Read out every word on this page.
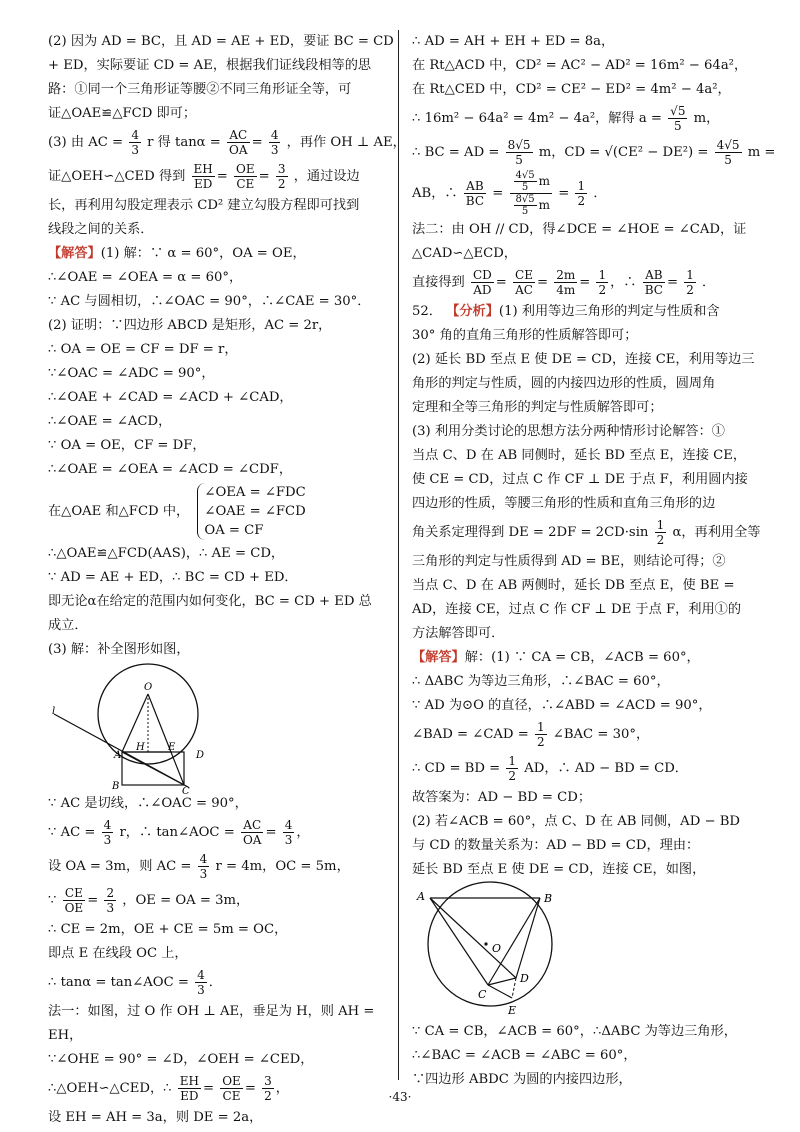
(2) 因为 AD = BC，且 AD = AE + ED，要证 BC = CD
+ ED，实际要证 CD = AE，根据我们证线段相等的思
路：①同一个三角形证等腰②不同三角形证全等，可
证△OAE≌△FCD 即可；
(3) 由 AC = $\frac{4}{3}$ r 得 $\tan\alpha = \frac{AC}{OA} = \frac{4}{3}$ ，再作 OH ⊥ AE，
证△OEH∽△CED 得到 $\frac{EH}{ED} = \frac{OE}{CE} = \frac{3}{2}$ ，通过设边
长，再利用勾股定理表示 CD² 建立勾股方程即可找到
线段之间的关系．
【解答】(1) 解：∵ α = 60°，OA = OE，
∴∠OAE = ∠OEA = α = 60°，
∵ AC 与圆相切，∴∠OAC = 90°，∴∠CAE = 30°．
(2) 证明：∵四边形 ABCD 是矩形，AC = 2r，
∴ OA = OE = CF = DF = r，
∵∠OAC = ∠ADC = 90°，
∴∠OAE + ∠CAD = ∠ACD + ∠CAD，
∴∠OAE = ∠ACD，
∵ OA = OE，CF = DF，
∴∠OAE = ∠OEA = ∠ACD = ∠CDF，
在△OAE 和△FCD 中，
∠OEA = ∠FDC
∠OAE = ∠FCD
OA = CF
∴△OAE≌△FCD(AAS)，∴ AE = CD，
∵ AD = AE + ED，∴ BC = CD + ED．
即无论α在给定的范围内如何变化，BC = CD + ED 总
成立．
(3) 解：补全图形如图，
O
l
H E
A	D
B	C
∵ AC 是切线，∴∠OAC = 90°，
∵ AC = $\frac{4}{3}$ r，∴ tan∠AOC = $\frac{AC}{OA} = \frac{4}{3}$ ，
设 OA = 3m，则 AC = $\frac{4}{3}$ r = 4m，OC = 5m，
∵ $\frac{CE}{OE} = \frac{2}{3}$ ，OE = OA = 3m，
∴ CE = 2m，OE + CE = 5m = OC，
即点 E 在线段 OC 上，
∴ tanα = tan∠AOC = $\frac{4}{3}$ ．
法一：如图，过 O 作 OH ⊥ AE，垂足为 H，则 AH =
EH，
∵∠OHE = 90° = ∠D，∠OEH = ∠CED，
∴△OEH∽△CED，∴ $\frac{EH}{ED} = \frac{OE}{CE} = \frac{3}{2}$ ，
设 EH = AH = 3a，则 DE = 2a，
∴ AD = AH + EH + ED = 8a，
在 Rt△ACD 中，CD² = AC² − AD² = 16m² − 64a²，
在 Rt△CED 中，CD² = CE² − ED² = 4m² − 4a²，
∴ 16m² − 64a² = 4m² − 4a²，解得 $a = \frac{√5}{5}$ m，
∴ BC = AD = $\frac{8√5}{5}$ m，CD = $√(CE^2 - DE^2) = \frac{4√5}{5}$ m =
AB，∴ $\frac{AB}{BC} = \frac{\frac{4√5}{5} m}{\frac{8√5}{5} m} = \frac{1}{2}$ ．
法二：由 OH // CD，得∠DCE = ∠HOE = ∠CAD，证
△CAD∽△ECD，
直接得到 $\frac{CD}{AD} = \frac{CE}{AC} = \frac{2m}{4m} = \frac{1}{2}$ ，∴ $\frac{AB}{BC} = \frac{1}{2}$ ．
52． 【分析】(1) 利用等边三角形的判定与性质和含
30° 角的直角三角形的性质解答即可；
(2) 延长 BD 至点 E 使 DE = CD，连接 CE，利用等边三
角形的判定与性质，圆的内接四边形的性质，圆周角
定理和全等三角形的判定与性质解答即可；
(3) 利用分类讨论的思想方法分两种情形讨论解答：①
当点 C、D 在 AB 同侧时，延长 BD 至点 E，连接 CE，
使 CE = CD，过点 C 作 CF ⊥ DE 于点 F，利用圆内接
四边形的性质，等腰三角形的性质和直角三角形的边
角关系定理得到 DE = $2DF = 2CD\cdot\sin \frac{1}{2}$ α，再利用全等
三角形的判定与性质得到 AD = BE，则结论可得；②
当点 C、D 在 AB 两侧时，延长 DB 至点 E，使 BE =
AD，连接 CE，过点 C 作 CF ⊥ DE 于点 F，利用①的
方法解答即可．
【解答】解：(1) ∵ CA = CB，∠ACB = 60°，
∴ ΔABC 为等边三角形，∴∠BAC = 60°，
∵ AD 为⊙O 的直径，∴∠ABD = ∠ACD = 90°，
∠BAD = ∠CAD = $\frac{1}{2}$ ∠BAC = 30°，
∴ CD = BD = $\frac{1}{2}$ AD，∴ AD − BD = CD．
故答案为：AD − BD = CD；
(2) 若∠ACB = 60°，点 C、D 在 AB 同侧，AD − BD
与 CD 的数量关系为：AD − BD = CD，理由：
延长 BD 至点 E 使 DE = CD，连接 CE，如图，
A	B
O
C
D
E
∵ CA = CB，∠ACB = 60°，∴ΔABC 为等边三角形，
∴∠BAC = ∠ACB = ∠ABC = 60°，
∵四边形 ABDC 为圆的内接四边形，
·43·
